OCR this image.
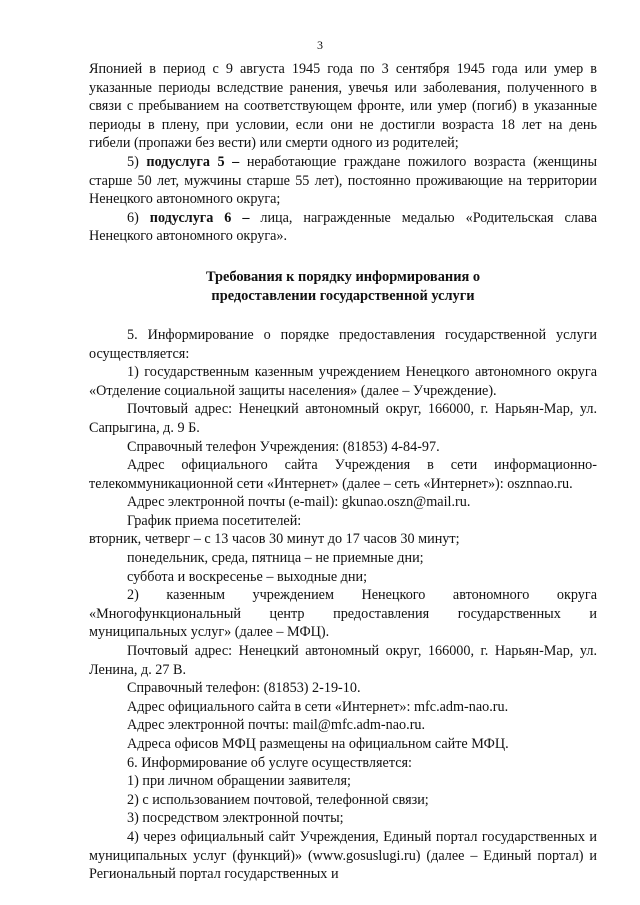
3

Японией в период с 9 августа 1945 года по 3 сентября 1945 года или умер в указанные периоды вследствие ранения, увечья или заболевания, полученного в связи с пребыванием на соответствующем фронте, или умер (погиб) в указанные периоды в плену, при условии, если они не достигли возраста 18 лет на день гибели (пропажи без вести) или смерти одного из родителей;

5) подуслуга 5 – неработающие граждане пожилого возраста (женщины старше 50 лет, мужчины старше 55 лет), постоянно проживающие на территории Ненецкого автономного округа;

6) подуслуга 6 – лица, награжденные медалью «Родительская слава Ненецкого автономного округа».

Требования к порядку информирования о
предоставлении государственной услуги

5. Информирование о порядке предоставления государственной услуги осуществляется:

1) государственным казенным учреждением Ненецкого автономного округа «Отделение социальной защиты населения» (далее – Учреждение).

Почтовый адрес: Ненецкий автономный округ, 166000, г. Нарьян-Мар, ул. Сапрыгина, д. 9 Б.

Справочный телефон Учреждения: (81853) 4-84-97.

Адрес официального сайта Учреждения в сети информационно-телекоммуникационной сети «Интернет» (далее – сеть «Интернет»): osznnao.ru.

Адрес электронной почты (e-mail): gkunao.oszn@mail.ru.

График приема посетителей:

вторник, четверг – с 13 часов 30 минут до 17 часов 30 минут;

понедельник, среда, пятница – не приемные дни;

суббота и воскресенье – выходные дни;

2) казенным учреждением Ненецкого автономного округа «Многофункциональный центр предоставления государственных и муниципальных услуг» (далее – МФЦ).

Почтовый адрес: Ненецкий автономный округ, 166000, г. Нарьян-Мар, ул. Ленина, д. 27 В.

Справочный телефон: (81853) 2-19-10.

Адрес официального сайта в сети «Интернет»: mfc.adm-nao.ru.

Адрес электронной почты: mail@mfc.adm-nao.ru.

Адреса офисов МФЦ размещены на официальном сайте МФЦ.

6. Информирование об услуге осуществляется:

1) при личном обращении заявителя;

2) с использованием почтовой, телефонной связи;

3) посредством электронной почты;

4) через официальный сайт Учреждения, Единый портал государственных и муниципальных услуг (функций)» (www.gosuslugi.ru) (далее – Единый портал) и Региональный портал государственных и
